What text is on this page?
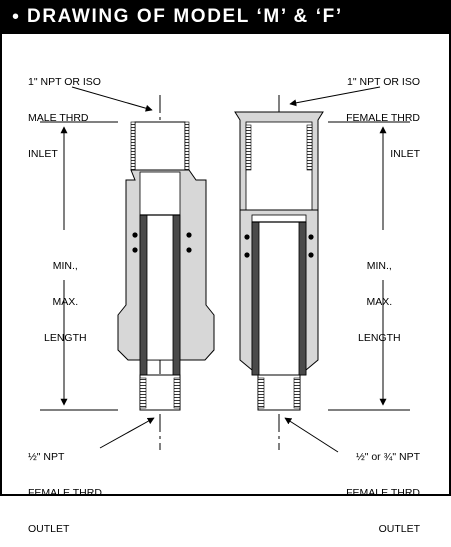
• DRAWING OF MODEL ‘M’ & ‘F’

1" NPT OR ISO

MALE THRD

INLET

MIN.,

MAX.

LENGTH

½" NPT

FEMALE THRD

OUTLET

1" NPT OR ISO

FEMALE THRD

INLET

MIN.,

MAX.

LENGTH

½" or ¾" NPT

FEMALE THRD

OUTLET
